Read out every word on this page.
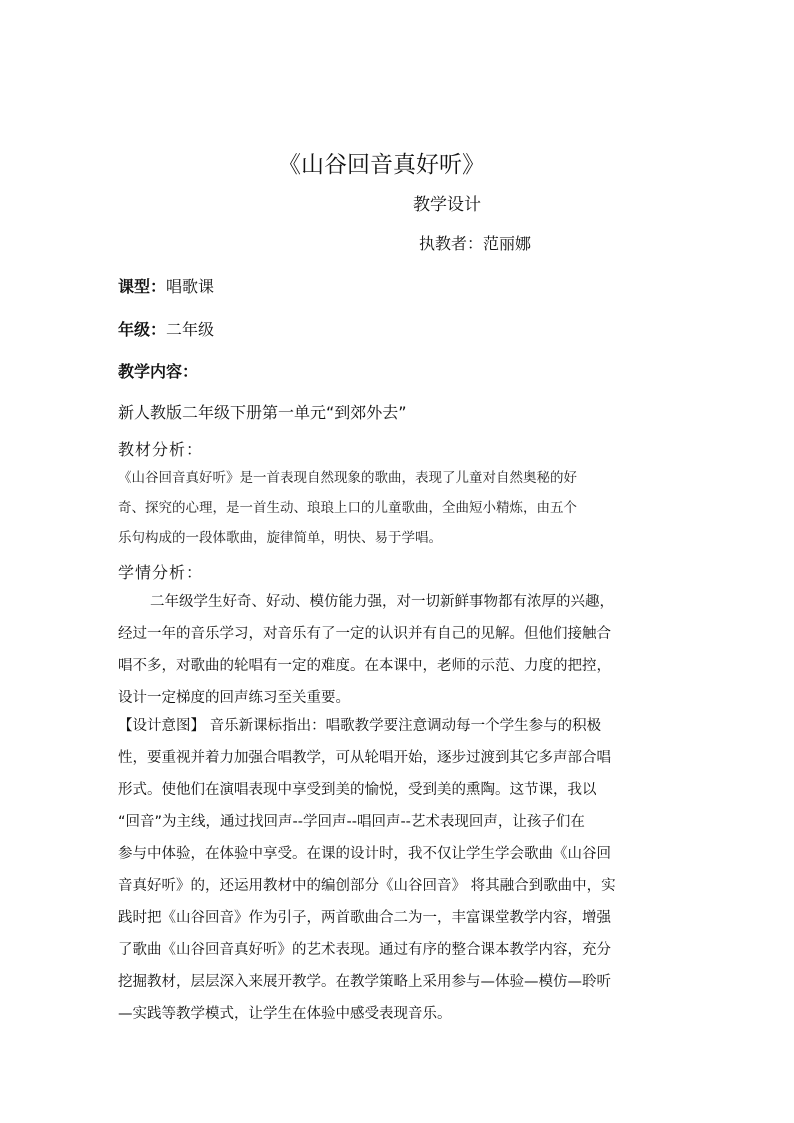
《山谷回音真好听》
教学设计
执教者：范丽娜
课型：唱歌课
年级：二年级
教学内容：
新人教版二年级下册第一单元“到郊外去”
教材分析：
《山谷回音真好听》是一首表现自然现象的歌曲，表现了儿童对自然奥秘的好
奇、探究的心理，是一首生动、琅琅上口的儿童歌曲，全曲短小精炼，由五个
乐句构成的一段体歌曲，旋律简单，明快、易于学唱。
学情分析：
二年级学生好奇、好动、模仿能力强，对一切新鲜事物都有浓厚的兴趣，
经过一年的音乐学习，对音乐有了一定的认识并有自己的见解。但他们接触合
唱不多，对歌曲的轮唱有一定的难度。在本课中，老师的示范、力度的把控，
设计一定梯度的回声练习至关重要。
【设计意图】 音乐新课标指出：唱歌教学要注意调动每一个学生参与的积极
性，要重视并着力加强合唱教学，可从轮唱开始，逐步过渡到其它多声部合唱
形式。使他们在演唱表现中享受到美的愉悦，受到美的熏陶。这节课，我以
“回音”为主线，通过找回声--学回声--唱回声--艺术表现回声，让孩子们在
参与中体验，在体验中享受。在课的设计时，我不仅让学生学会歌曲《山谷回
音真好听》的，还运用教材中的编创部分《山谷回音》 将其融合到歌曲中，实
践时把《山谷回音》作为引子，两首歌曲合二为一，丰富课堂教学内容，增强
了歌曲《山谷回音真好听》的艺术表现。通过有序的整合课本教学内容，充分
挖掘教材，层层深入来展开教学。在教学策略上采用参与—体验—模仿—聆听
—实践等教学模式，让学生在体验中感受表现音乐。
